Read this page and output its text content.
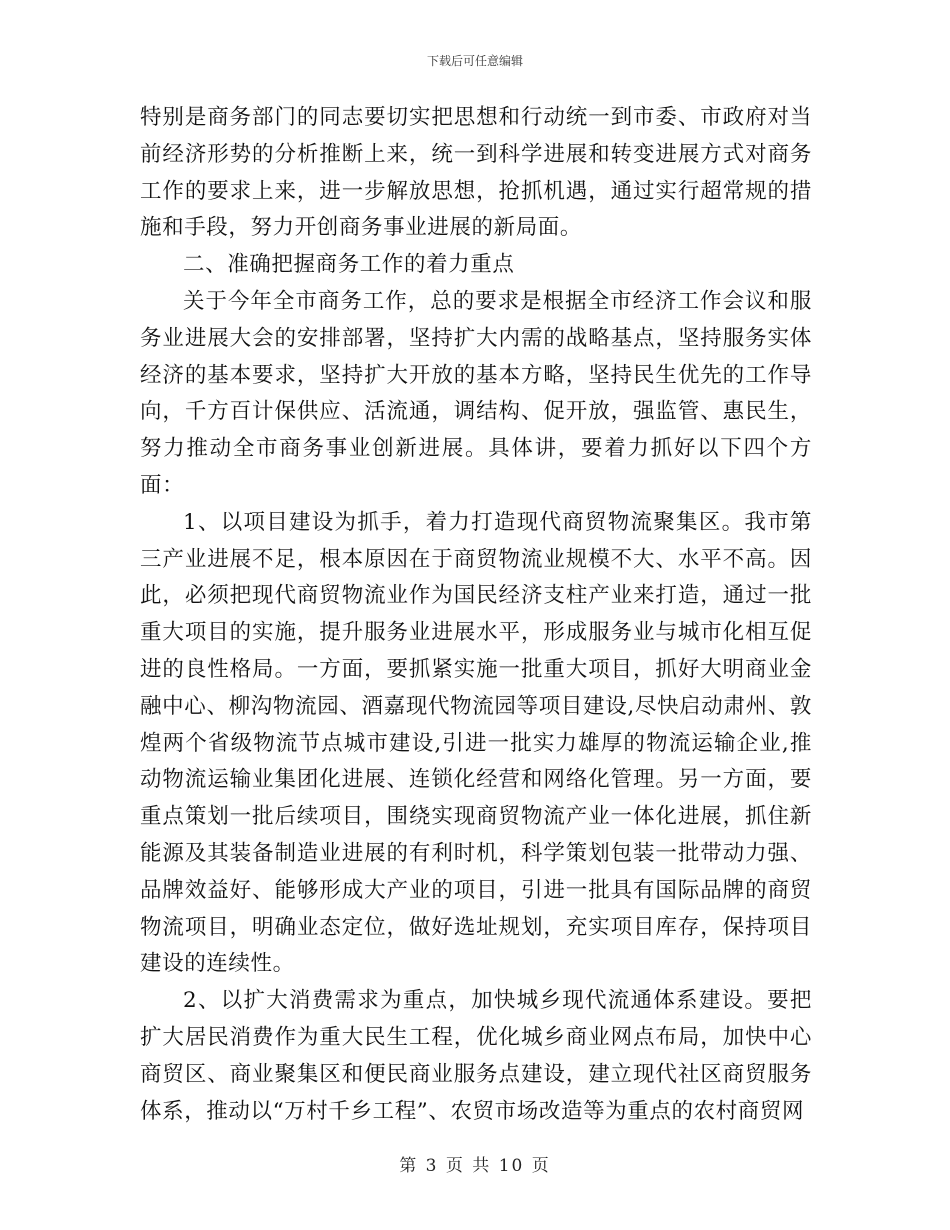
下载后可任意编辑

特别是商务部门的同志要切实把思想和行动统一到市委、市政府对当前经济形势的分析推断上来，统一到科学进展和转变进展方式对商务工作的要求上来，进一步解放思想，抢抓机遇，通过实行超常规的措施和手段，努力开创商务事业进展的新局面。

二、准确把握商务工作的着力重点

关于今年全市商务工作，总的要求是根据全市经济工作会议和服务业进展大会的安排部署，坚持扩大内需的战略基点，坚持服务实体经济的基本要求，坚持扩大开放的基本方略，坚持民生优先的工作导向，千方百计保供应、活流通，调结构、促开放，强监管、惠民生，努力推动全市商务事业创新进展。具体讲，要着力抓好以下四个方面：

1、以项目建设为抓手，着力打造现代商贸物流聚集区。我市第三产业进展不足，根本原因在于商贸物流业规模不大、水平不高。因此，必须把现代商贸物流业作为国民经济支柱产业来打造，通过一批重大项目的实施，提升服务业进展水平，形成服务业与城市化相互促进的良性格局。一方面，要抓紧实施一批重大项目，抓好大明商业金融中心、柳沟物流园、酒嘉现代物流园等项目建设,尽快启动肃州、敦煌两个省级物流节点城市建设,引进一批实力雄厚的物流运输企业,推动物流运输业集团化进展、连锁化经营和网络化管理。另一方面，要重点策划一批后续项目，围绕实现商贸物流产业一体化进展，抓住新能源及其装备制造业进展的有利时机，科学策划包装一批带动力强、品牌效益好、能够形成大产业的项目，引进一批具有国际品牌的商贸物流项目，明确业态定位，做好选址规划，充实项目库存，保持项目建设的连续性。

2、以扩大消费需求为重点，加快城乡现代流通体系建设。要把扩大居民消费作为重大民生工程，优化城乡商业网点布局，加快中心商贸区、商业聚集区和便民商业服务点建设，建立现代社区商贸服务体系，推动以“万村千乡工程”、农贸市场改造等为重点的农村商贸网

第 3 页 共 10 页
